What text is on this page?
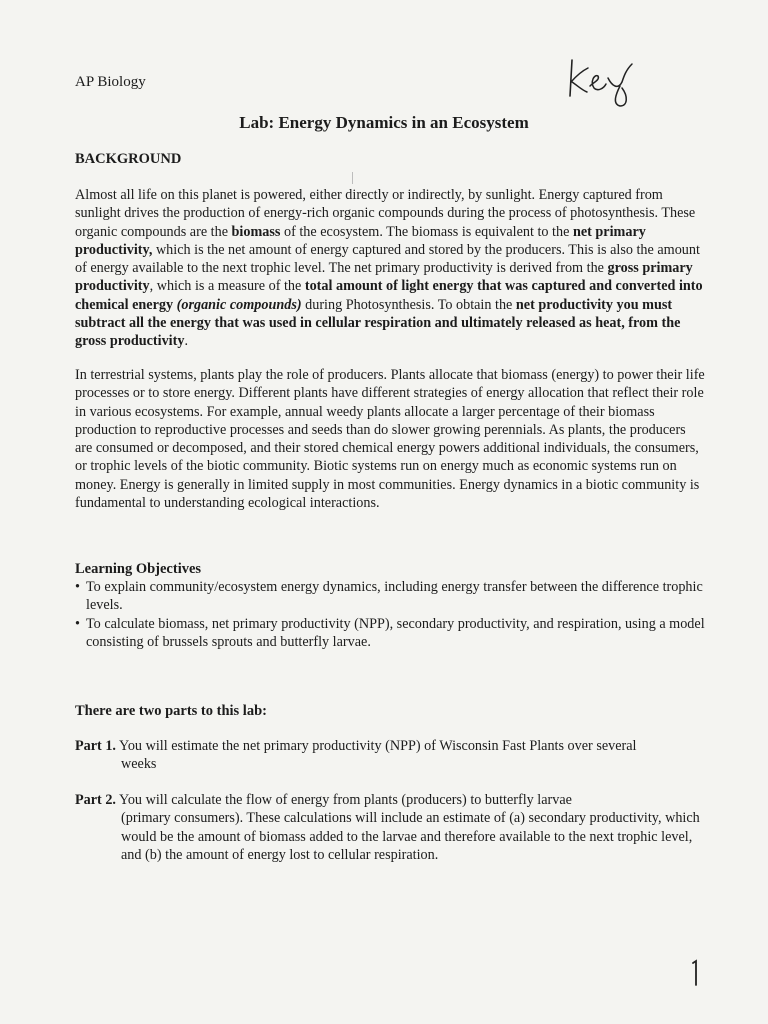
AP Biology
Lab: Energy Dynamics in an Ecosystem
BACKGROUND
Almost all life on this planet is powered, either directly or indirectly, by sunlight. Energy captured from sunlight drives the production of energy-rich organic compounds during the process of photosynthesis. These organic compounds are the biomass of the ecosystem. The biomass is equivalent to the net primary productivity, which is the net amount of energy captured and stored by the producers. This is also the amount of energy available to the next trophic level. The net primary productivity is derived from the gross primary productivity, which is a measure of the total amount of light energy that was captured and converted into chemical energy (organic compounds) during Photosynthesis. To obtain the net productivity you must subtract all the energy that was used in cellular respiration and ultimately released as heat, from the gross productivity.
In terrestrial systems, plants play the role of producers. Plants allocate that biomass (energy) to power their life processes or to store energy. Different plants have different strategies of energy allocation that reflect their role in various ecosystems. For example, annual weedy plants allocate a larger percentage of their biomass production to reproductive processes and seeds than do slower growing perennials. As plants, the producers are consumed or decomposed, and their stored chemical energy powers additional individuals, the consumers, or trophic levels of the biotic community. Biotic systems run on energy much as economic systems run on money. Energy is generally in limited supply in most communities. Energy dynamics in a biotic community is fundamental to understanding ecological interactions.
Learning Objectives
• To explain community/ecosystem energy dynamics, including energy transfer between the difference trophic levels.
• To calculate biomass, net primary productivity (NPP), secondary productivity, and respiration, using a model consisting of brussels sprouts and butterfly larvae.
There are two parts to this lab:
Part 1. You will estimate the net primary productivity (NPP) of Wisconsin Fast Plants over several
weeks
Part 2. You will calculate the flow of energy from plants (producers) to butterfly larvae
(primary consumers). These calculations will include an estimate of (a) secondary productivity, which would be the amount of biomass added to the larvae and therefore available to the next trophic level, and (b) the amount of energy lost to cellular respiration.
1
